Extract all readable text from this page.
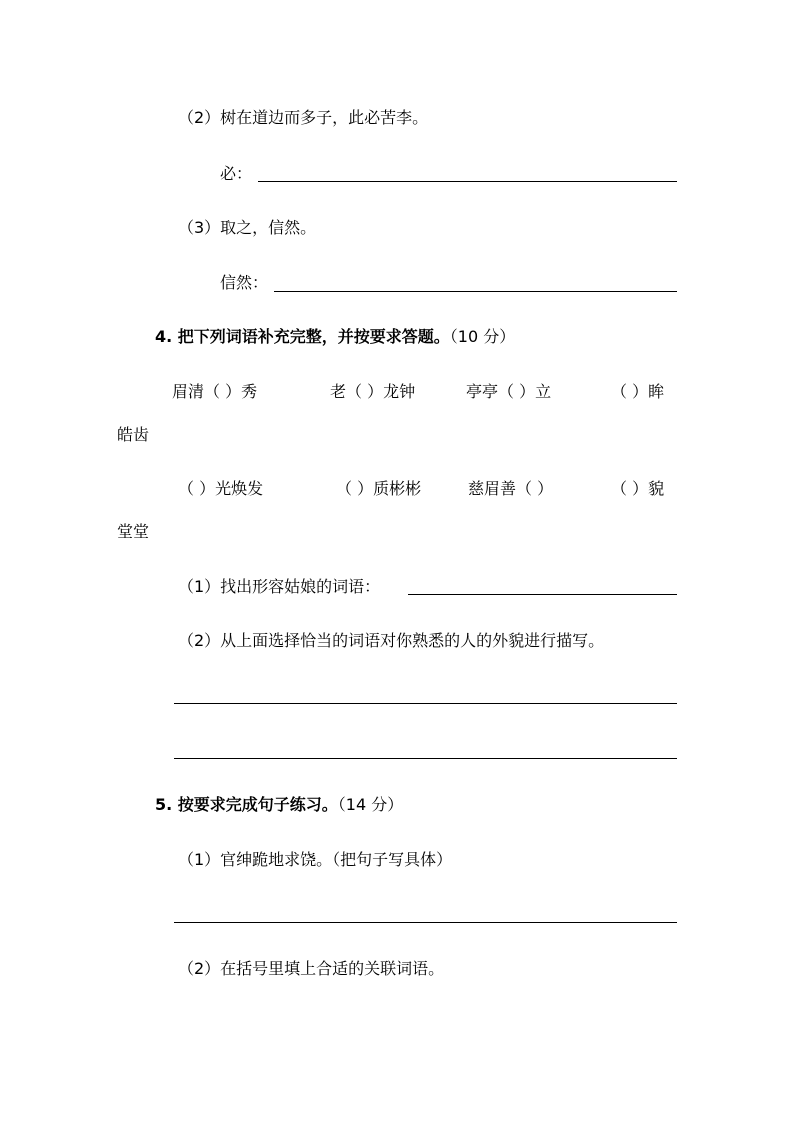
（2）树在道边而多子，此必苦李。
必：
（3）取之，信然。
信然：
4. 把下列词语补充完整，并按要求答题。（10 分）
眉清（ ）秀	老（ ）龙钟	亭亭（ ）立	（ ）眸
皓齿
（ ）光焕发	（ ）质彬彬	慈眉善（ ）	（ ）貌
堂堂
（1）找出形容姑娘的词语：
（2）从上面选择恰当的词语对你熟悉的人的外貌进行描写。
5. 按要求完成句子练习。（14 分）
（1）官绅跪地求饶。（把句子写具体）
（2）在括号里填上合适的关联词语。
